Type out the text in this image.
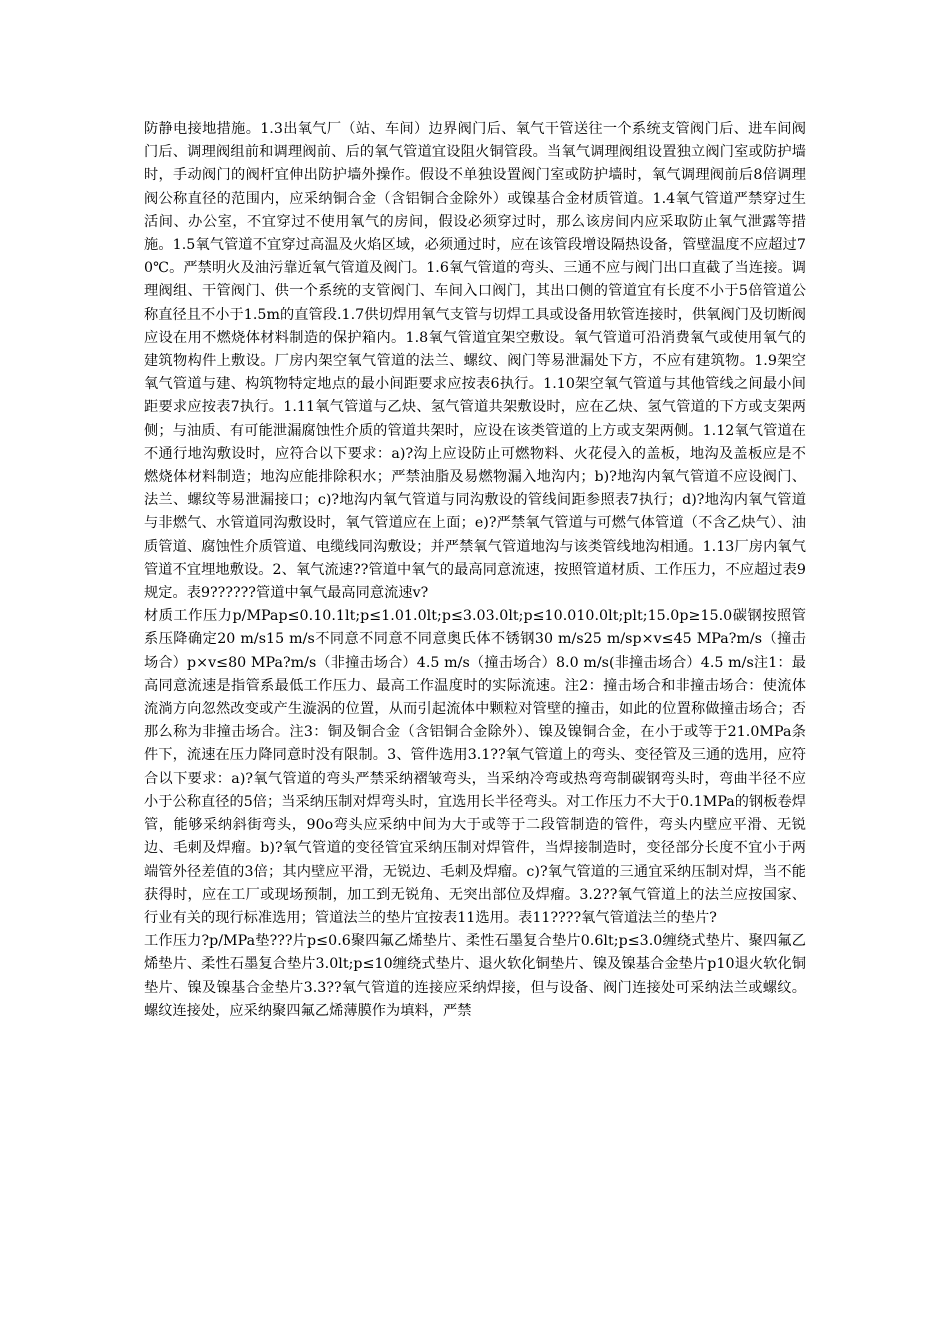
防静电接地措施。1.3出氧气厂（站、车间）边界阀门后、氧气干管送往一个系统支管阀门后、进车间阀门后、调理阀组前和调理阀前、后的氧气管道宜设阻火铜管段。当氧气调理阀组设置独立阀门室或防护墙时，手动阀门的阀杆宜伸出防护墙外操作。假设不单独设置阀门室或防护墙时，氧气调理阀前后8倍调理阀公称直径的范围内，应采纳铜合金（含铝铜合金除外）或镍基合金材质管道。1.4氧气管道严禁穿过生活间、办公室，不宜穿过不使用氧气的房间，假设必须穿过时，那么该房间内应采取防止氧气泄露等措施。1.5氧气管道不宜穿过高温及火焰区域，必须通过时，应在该管段增设隔热设备，管壁温度不应超过70℃。严禁明火及油污靠近氧气管道及阀门。1.6氧气管道的弯头、三通不应与阀门出口直截了当连接。调理阀组、干管阀门、供一个系统的支管阀门、车间入口阀门，其出口侧的管道宜有长度不小于5倍管道公称直径且不小于1.5m的直管段.1.7供切焊用氧气支管与切焊工具或设备用软管连接时，供氧阀门及切断阀应设在用不燃烧体材料制造的保护箱内。1.8氧气管道宜架空敷设。氧气管道可沿消费氧气或使用氧气的建筑物构件上敷设。厂房内架空氧气管道的法兰、螺纹、阀门等易泄漏处下方，不应有建筑物。1.9架空氧气管道与建、构筑物特定地点的最小间距要求应按表6执行。1.10架空氧气管道与其他管线之间最小间距要求应按表7执行。1.11氧气管道与乙炔、氢气管道共架敷设时，应在乙炔、氢气管道的下方或支架两侧；与油质、有可能泄漏腐蚀性介质的管道共架时，应设在该类管道的上方或支架两侧。1.12氧气管道在不通行地沟敷设时，应符合以下要求：a)?沟上应设防止可燃物料、火花侵入的盖板，地沟及盖板应是不燃烧体材料制造；地沟应能排除积水；严禁油脂及易燃物漏入地沟内；b)?地沟内氧气管道不应设阀门、法兰、螺纹等易泄漏接口；c)?地沟内氧气管道与同沟敷设的管线间距参照表7执行；d)?地沟内氧气管道与非燃气、水管道同沟敷设时，氧气管道应在上面；e)?严禁氧气管道与可燃气体管道（不含乙炔气）、油质管道、腐蚀性介质管道、电缆线同沟敷设；并严禁氧气管道地沟与该类管线地沟相通。1.13厂房内氧气管道不宜埋地敷设。2、氧气流速??管道中氧气的最高同意流速，按照管道材质、工作压力，不应超过表9规定。表9??????管道中氧气最高同意流速v?

材质工作压力p/MPap≤0.10.1lt;p≤1.01.0lt;p≤3.03.0lt;p≤10.010.0lt;plt;15.0p≥15.0碳钢按照管系压降确定20 m/s15 m/s不同意不同意不同意奥氏体不锈钢30 m/s25 m/sp×v≤45 MPa?m/s（撞击场合）p×v≤80 MPa?m/s（非撞击场合）4.5 m/s（撞击场合）8.0 m/s(非撞击场合）4.5 m/s注1：最高同意流速是指管系最低工作压力、最高工作温度时的实际流速。注2：撞击场合和非撞击场合：使流体流淌方向忽然改变或产生漩涡的位置，从而引起流体中颗粒对管壁的撞击，如此的位置称做撞击场合；否那么称为非撞击场合。注3：铜及铜合金（含铝铜合金除外）、镍及镍铜合金，在小于或等于21.0MPa条件下，流速在压力降同意时没有限制。3、管件选用3.1??氧气管道上的弯头、变径管及三通的选用，应符合以下要求：a)?氧气管道的弯头严禁采纳褶皱弯头，当采纳冷弯或热弯弯制碳钢弯头时，弯曲半径不应小于公称直径的5倍；当采纳压制对焊弯头时，宜选用长半径弯头。对工作压力不大于0.1MPa的钢板卷焊管，能够采纳斜街弯头，90o弯头应采纳中间为大于或等于二段管制造的管件，弯头内壁应平滑、无锐边、毛刺及焊瘤。b)?氧气管道的变径管宜采纳压制对焊管件，当焊接制造时，变径部分长度不宜小于两端管外径差值的3倍；其内壁应平滑，无锐边、毛刺及焊瘤。c)?氧气管道的三通宜采纳压制对焊，当不能获得时，应在工厂或现场预制，加工到无锐角、无突出部位及焊瘤。3.2??氧气管道上的法兰应按国家、行业有关的现行标准选用；管道法兰的垫片宜按表11选用。表11????氧气管道法兰的垫片?

工作压力?p/MPa垫???片p≤0.6聚四氟乙烯垫片、柔性石墨复合垫片0.6lt;p≤3.0缠绕式垫片、聚四氟乙烯垫片、柔性石墨复合垫片3.0lt;p≤10缠绕式垫片、退火软化铜垫片、镍及镍基合金垫片p10退火软化铜垫片、镍及镍基合金垫片3.3??氧气管道的连接应采纳焊接，但与设备、阀门连接处可采纳法兰或螺纹。螺纹连接处，应采纳聚四氟乙烯薄膜作为填料，严禁
